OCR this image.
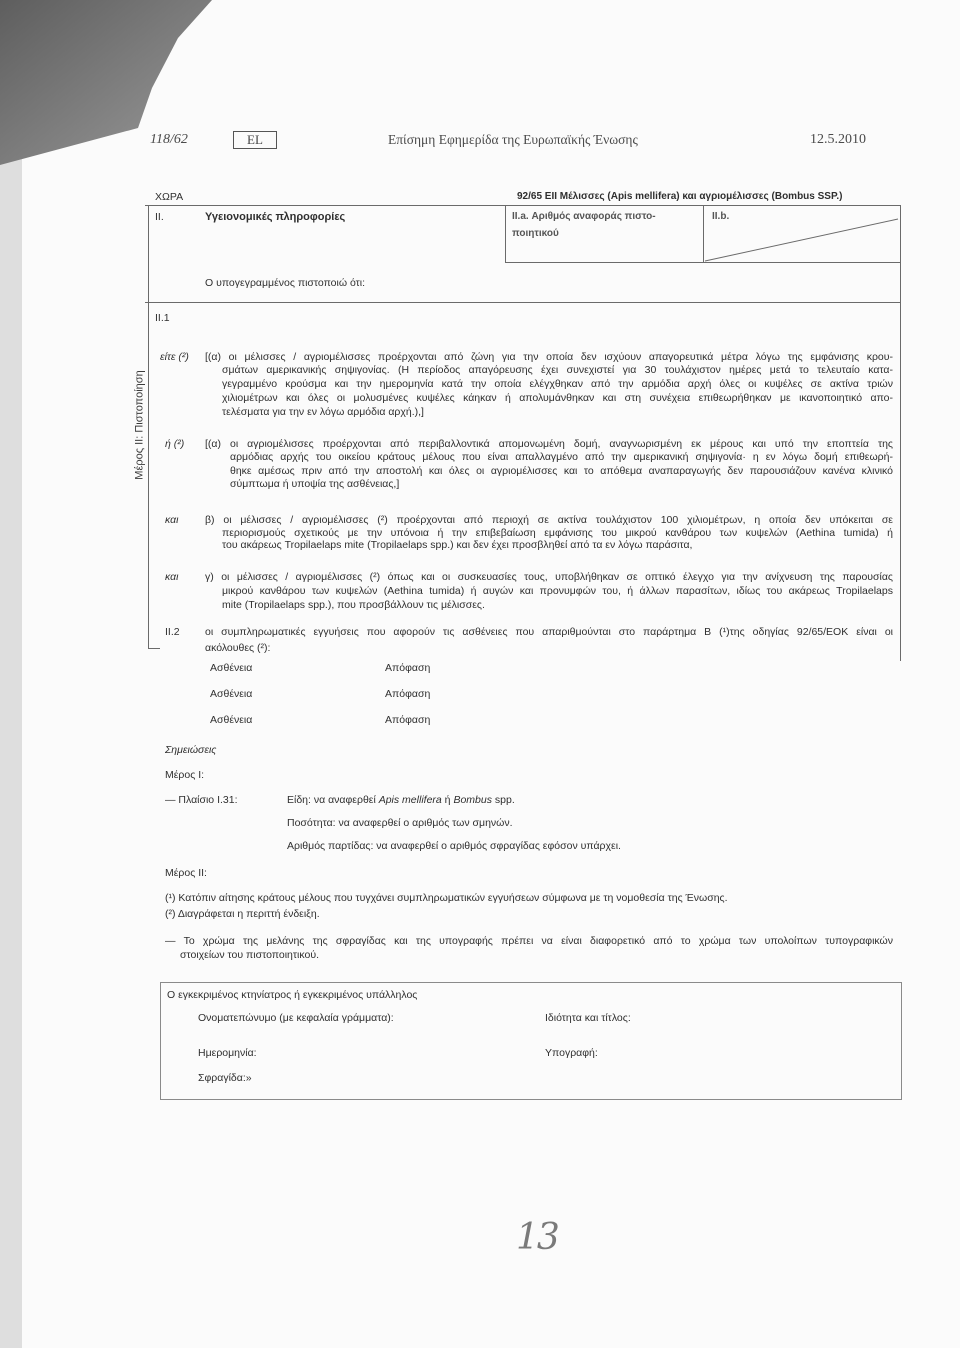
118/62	EL	Επίσημη Εφημερίδα της Ευρωπαϊκής Ένωσης	12.5.2010
ΧΩΡΑ	92/65 ΕΙΙ Μέλισσες (Apis mellifera) και αγριομέλισσες (Bombus SSP.)
II.	Υγειονομικές πληροφορίες	II.a. Αριθμός αναφοράς πιστο-
ποιητικού
II.b.
Ο υπογεγραμμένος πιστοποιώ ότι:
II.1
Μέρος II: Πιστοποίηση
είτε (²) [(α) οι μέλισσες / αγριομέλισσες προέρχονται από ζώνη για την οποία δεν ισχύουν απαγορευτικά μέτρα λόγω της εμφάνισης κρου-
σμάτων αμερικανικής σηψιγονίας. (Η περίοδος απαγόρευσης έχει συνεχιστεί για 30 τουλάχιστον ημέρες μετά το τελευταίο κατα-
γεγραμμένο κρούσμα και την ημερομηνία κατά την οποία ελέγχθηκαν από την αρμόδια αρχή όλες οι κυψέλες σε ακτίνα τριών
χιλιομέτρων και όλες οι μολυσμένες κυψέλες κάηκαν ή απολυμάνθηκαν και στη συνέχεια επιθεωρήθηκαν με ικανοποιητικό απο-
τελέσματα για την εν λόγω αρμόδια αρχή.),]
ή (²) [(α) οι αγριομέλισσες προέρχονται από περιβαλλοντικά απομονωμένη δομή, αναγνωρισμένη εκ μέρους και υπό την εποπτεία της
αρμόδιας αρχής του οικείου κράτους μέλους που είναι απαλλαγμένο από την αμερικανική σηψιγονία· η εν λόγω δομή επιθεωρή-
θηκε αμέσως πριν από την αποστολή και όλες οι αγριομέλισσες και το απόθεμα αναπαραγωγής δεν παρουσιάζουν κανένα κλινικό
σύμπτωμα ή υποψία της ασθένειας,]
και	β) οι μέλισσες / αγριομέλισσες (²) προέρχονται από περιοχή σε ακτίνα τουλάχιστον 100 χιλιομέτρων, η οποία δεν υπόκειται σε
περιορισμούς σχετικούς με την υπόνοια ή την επιβεβαίωση εμφάνισης του μικρού κανθάρου των κυψελών (Aethina tumida) ή
του ακάρεως Tropilaelaps mite (Tropilaelaps spp.) και δεν έχει προσβληθεί από τα εν λόγω παράσιτα,
και	γ) οι μέλισσες / αγριομέλισσες (²) όπως και οι συσκευασίες τους, υποβλήθηκαν σε οπτικό έλεγχο για την ανίχνευση της παρουσίας
μικρού κανθάρου των κυψελών (Aethina tumida) ή αυγών και προνυμφών του, ή άλλων παρασίτων, ιδίως του ακάρεως Tropilaelaps
mite (Tropilaelaps spp.), που προσβάλλουν τις μέλισσες.
II.2 οι συμπληρωματικές εγγυήσεις που αφορούν τις ασθένειες που απαριθμούνται στο παράρτημα Β (¹)της οδηγίας 92/65/ΕΟΚ είναι οι
ακόλουθες (²):
Ασθένεια	Απόφαση
Ασθένεια	Απόφαση
Ασθένεια	Απόφαση
Σημειώσεις
Μέρος I:
— Πλαίσιο I.31:	Είδη: να αναφερθεί Apis mellifera ή Bombus spp.
Ποσότητα: να αναφερθεί ο αριθμός των σμηνών.
Αριθμός παρτίδας: να αναφερθεί ο αριθμός σφραγίδας εφόσον υπάρχει.
Μέρος II:
(¹) Κατόπιν αίτησης κράτους μέλους που τυγχάνει συμπληρωματικών εγγυήσεων σύμφωνα με τη νομοθεσία της Ένωσης.
(²) Διαγράφεται η περιττή ένδειξη.
— Το χρώμα της μελάνης της σφραγίδας και της υπογραφής πρέπει να είναι διαφορετικό από το χρώμα των υπολοίπων τυπογραφικών
στοιχείων του πιστοποιητικού.
Ο εγκεκριμένος κτηνίατρος ή εγκεκριμένος υπάλληλος
Ονοματεπώνυμο (με κεφαλαία γράμματα):	Ιδιότητα και τίτλος:
Ημερομηνία:	Υπογραφή:
Σφραγίδα:»
13
